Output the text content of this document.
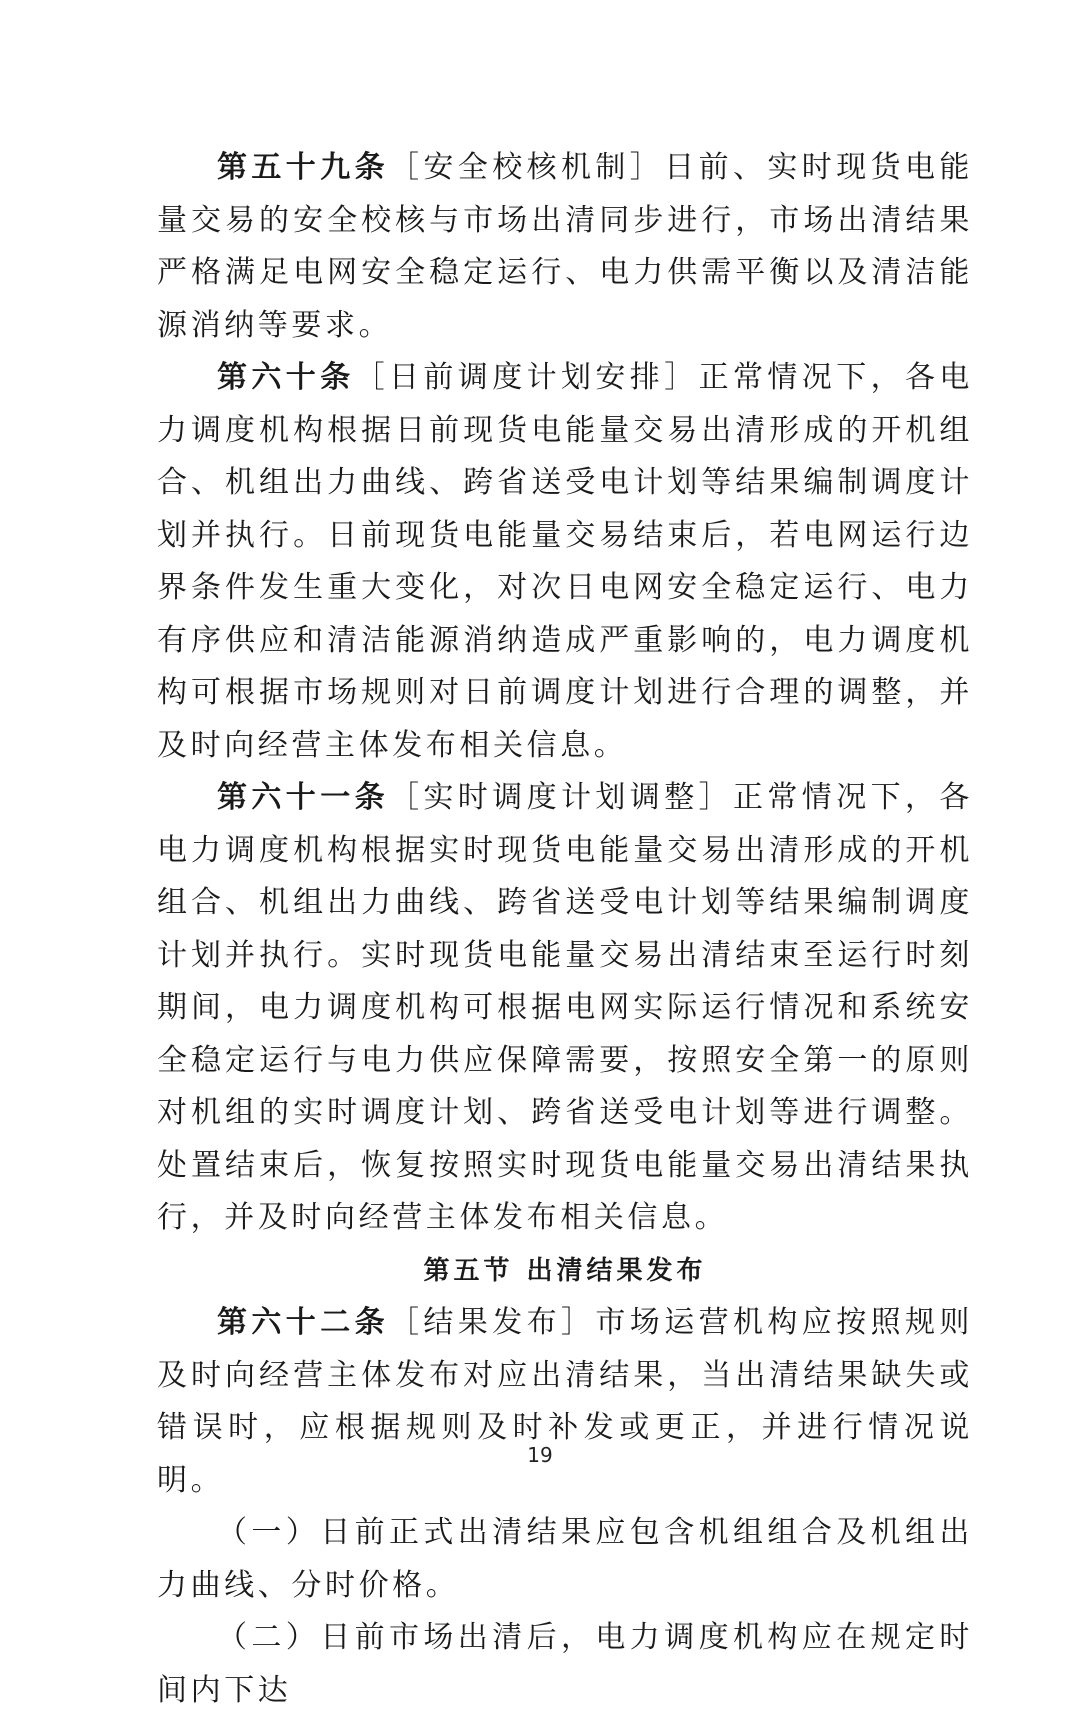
第五十九条［安全校核机制］日前、实时现货电能量交易的安全校核与市场出清同步进行，市场出清结果严格满足电网安全稳定运行、电力供需平衡以及清洁能源消纳等要求。

第六十条［日前调度计划安排］正常情况下，各电力调度机构根据日前现货电能量交易出清形成的开机组合、机组出力曲线、跨省送受电计划等结果编制调度计划并执行。日前现货电能量交易结束后，若电网运行边界条件发生重大变化，对次日电网安全稳定运行、电力有序供应和清洁能源消纳造成严重影响的，电力调度机构可根据市场规则对日前调度计划进行合理的调整，并及时向经营主体发布相关信息。

第六十一条［实时调度计划调整］正常情况下，各电力调度机构根据实时现货电能量交易出清形成的开机组合、机组出力曲线、跨省送受电计划等结果编制调度计划并执行。实时现货电能量交易出清结束至运行时刻期间，电力调度机构可根据电网实际运行情况和系统安全稳定运行与电力供应保障需要，按照安全第一的原则对机组的实时调度计划、跨省送受电计划等进行调整。处置结束后，恢复按照实时现货电能量交易出清结果执行，并及时向经营主体发布相关信息。

第五节 出清结果发布

第六十二条［结果发布］市场运营机构应按照规则及时向经营主体发布对应出清结果，当出清结果缺失或错误时，应根据规则及时补发或更正，并进行情况说明。

（一）日前正式出清结果应包含机组组合及机组出力曲线、分时价格。

（二）日前市场出清后，电力调度机构应在规定时间内下达

19
